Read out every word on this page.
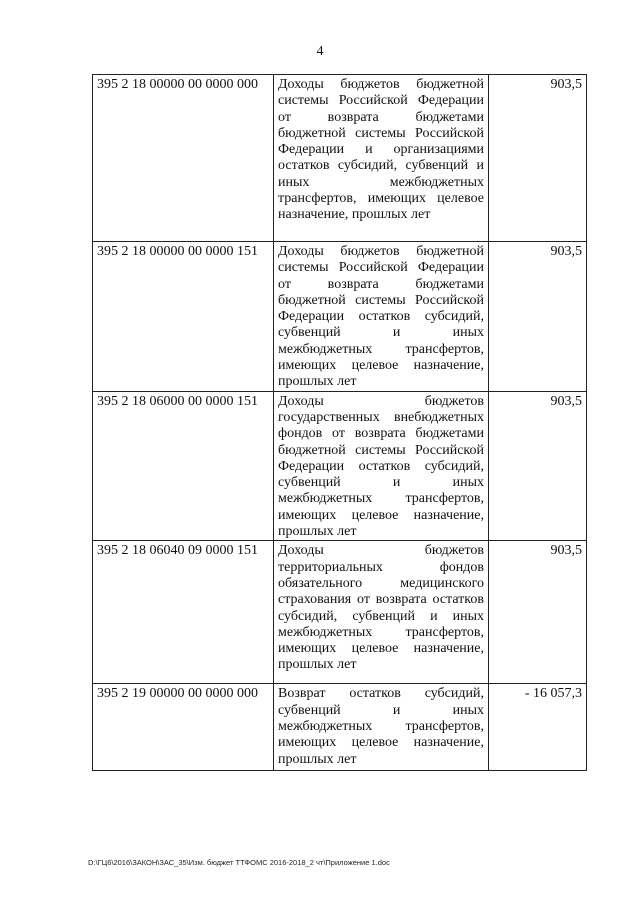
4
395 2 18 00000 00 0000 000	Доходы бюджетов бюджетной системы Российской Федерации от возврата бюджетами бюджетной системы Российской Федерации и организациями остатков субсидий, субвенций и иных межбюджетных трансфертов, имеющих целевое назначение, прошлых лет	903,5
395 2 18 00000 00 0000 151	Доходы бюджетов бюджетной системы Российской Федерации от возврата бюджетами бюджетной системы Российской Федерации остатков субсидий, субвенций и иных межбюджетных трансфертов, имеющих целевое назначение, прошлых лет	903,5
395 2 18 06000 00 0000 151	Доходы бюджетов государственных внебюджетных фондов от возврата бюджетами бюджетной системы Российской Федерации остатков субсидий, субвенций и иных межбюджетных трансфертов, имеющих целевое назначение, прошлых лет	903,5
395 2 18 06040 09 0000 151	Доходы бюджетов территориальных фондов обязательного медицинского страхования от возврата остатков субсидий, субвенций и иных межбюджетных трансфертов, имеющих целевое назначение, прошлых лет	903,5
395 2 19 00000 00 0000 000	Возврат остатков субсидий, субвенций и иных межбюджетных трансфертов, имеющих целевое назначение, прошлых лет	- 16 057,3
D:\ГЦ6\2016\ЗАКОН\ЗАС_35\Изм. бюджет ТТФОМС 2016-2018_2 чт\Приложение 1.doc
